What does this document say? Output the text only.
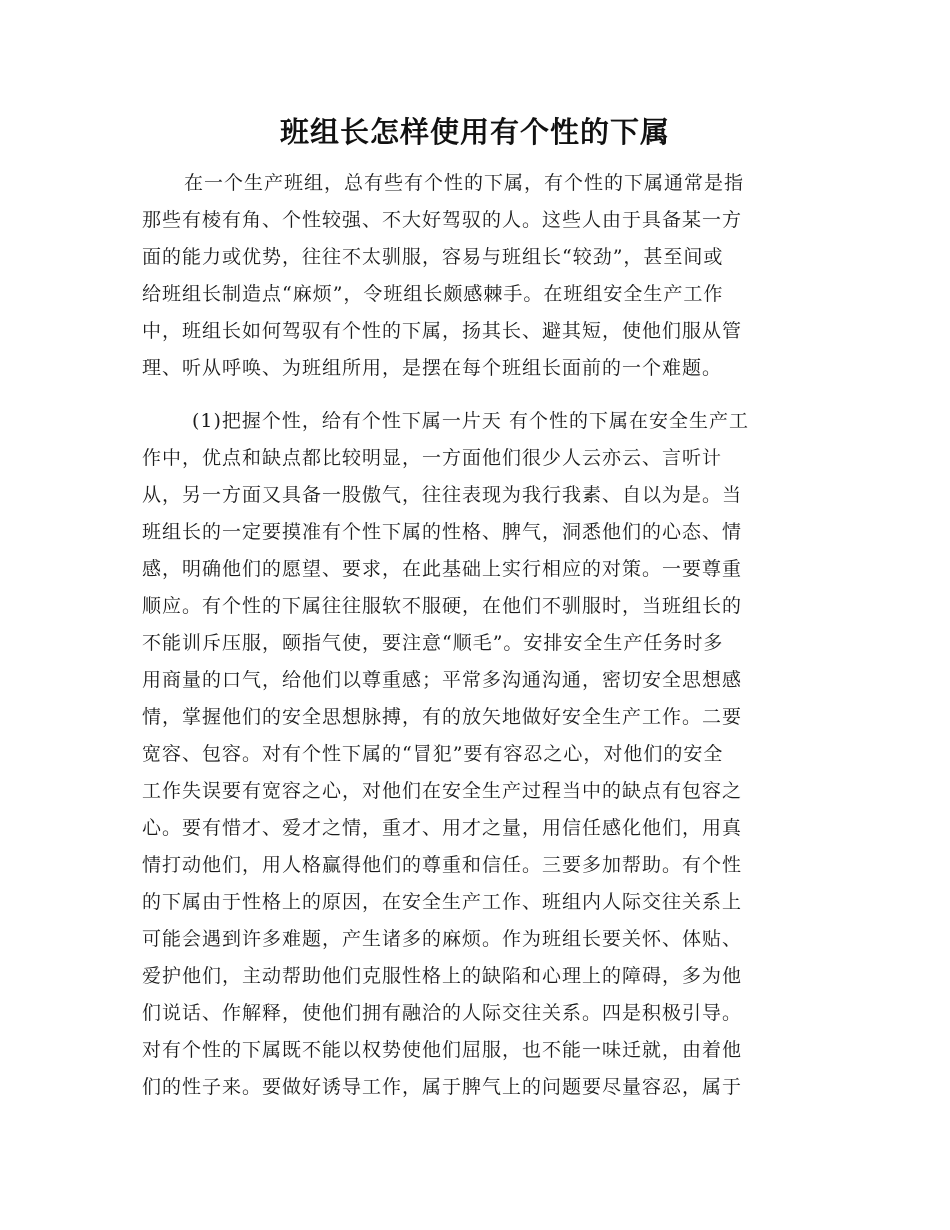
班组长怎样使用有个性的下属
在一个生产班组，总有些有个性的下属，有个性的下属通常是指
那些有棱有角、个性较强、不大好驾驭的人。这些人由于具备某一方
面的能力或优势，往往不太驯服，容易与班组长“较劲”，甚至间或
给班组长制造点“麻烦”，令班组长颇感棘手。在班组安全生产工作
中，班组长如何驾驭有个性的下属，扬其长、避其短，使他们服从管
理、听从呼唤、为班组所用，是摆在每个班组长面前的一个难题。
(1)把握个性，给有个性下属一片天 有个性的下属在安全生产工
作中，优点和缺点都比较明显，一方面他们很少人云亦云、言听计
从，另一方面又具备一股傲气，往往表现为我行我素、自以为是。当
班组长的一定要摸准有个性下属的性格、脾气，洞悉他们的心态、情
感，明确他们的愿望、要求，在此基础上实行相应的对策。一要尊重
顺应。有个性的下属往往服软不服硬，在他们不驯服时，当班组长的
不能训斥压服，颐指气使，要注意“顺毛”。安排安全生产任务时多
用商量的口气，给他们以尊重感；平常多沟通沟通，密切安全思想感
情，掌握他们的安全思想脉搏，有的放矢地做好安全生产工作。二要
宽容、包容。对有个性下属的“冒犯”要有容忍之心，对他们的安全
工作失误要有宽容之心，对他们在安全生产过程当中的缺点有包容之
心。要有惜才、爱才之情，重才、用才之量，用信任感化他们，用真
情打动他们，用人格赢得他们的尊重和信任。三要多加帮助。有个性
的下属由于性格上的原因，在安全生产工作、班组内人际交往关系上
可能会遇到许多难题，产生诸多的麻烦。作为班组长要关怀、体贴、
爱护他们，主动帮助他们克服性格上的缺陷和心理上的障碍，多为他
们说话、作解释，使他们拥有融洽的人际交往关系。四是积极引导。
对有个性的下属既不能以权势使他们屈服，也不能一味迁就，由着他
们的性子来。要做好诱导工作，属于脾气上的问题要尽量容忍，属于
